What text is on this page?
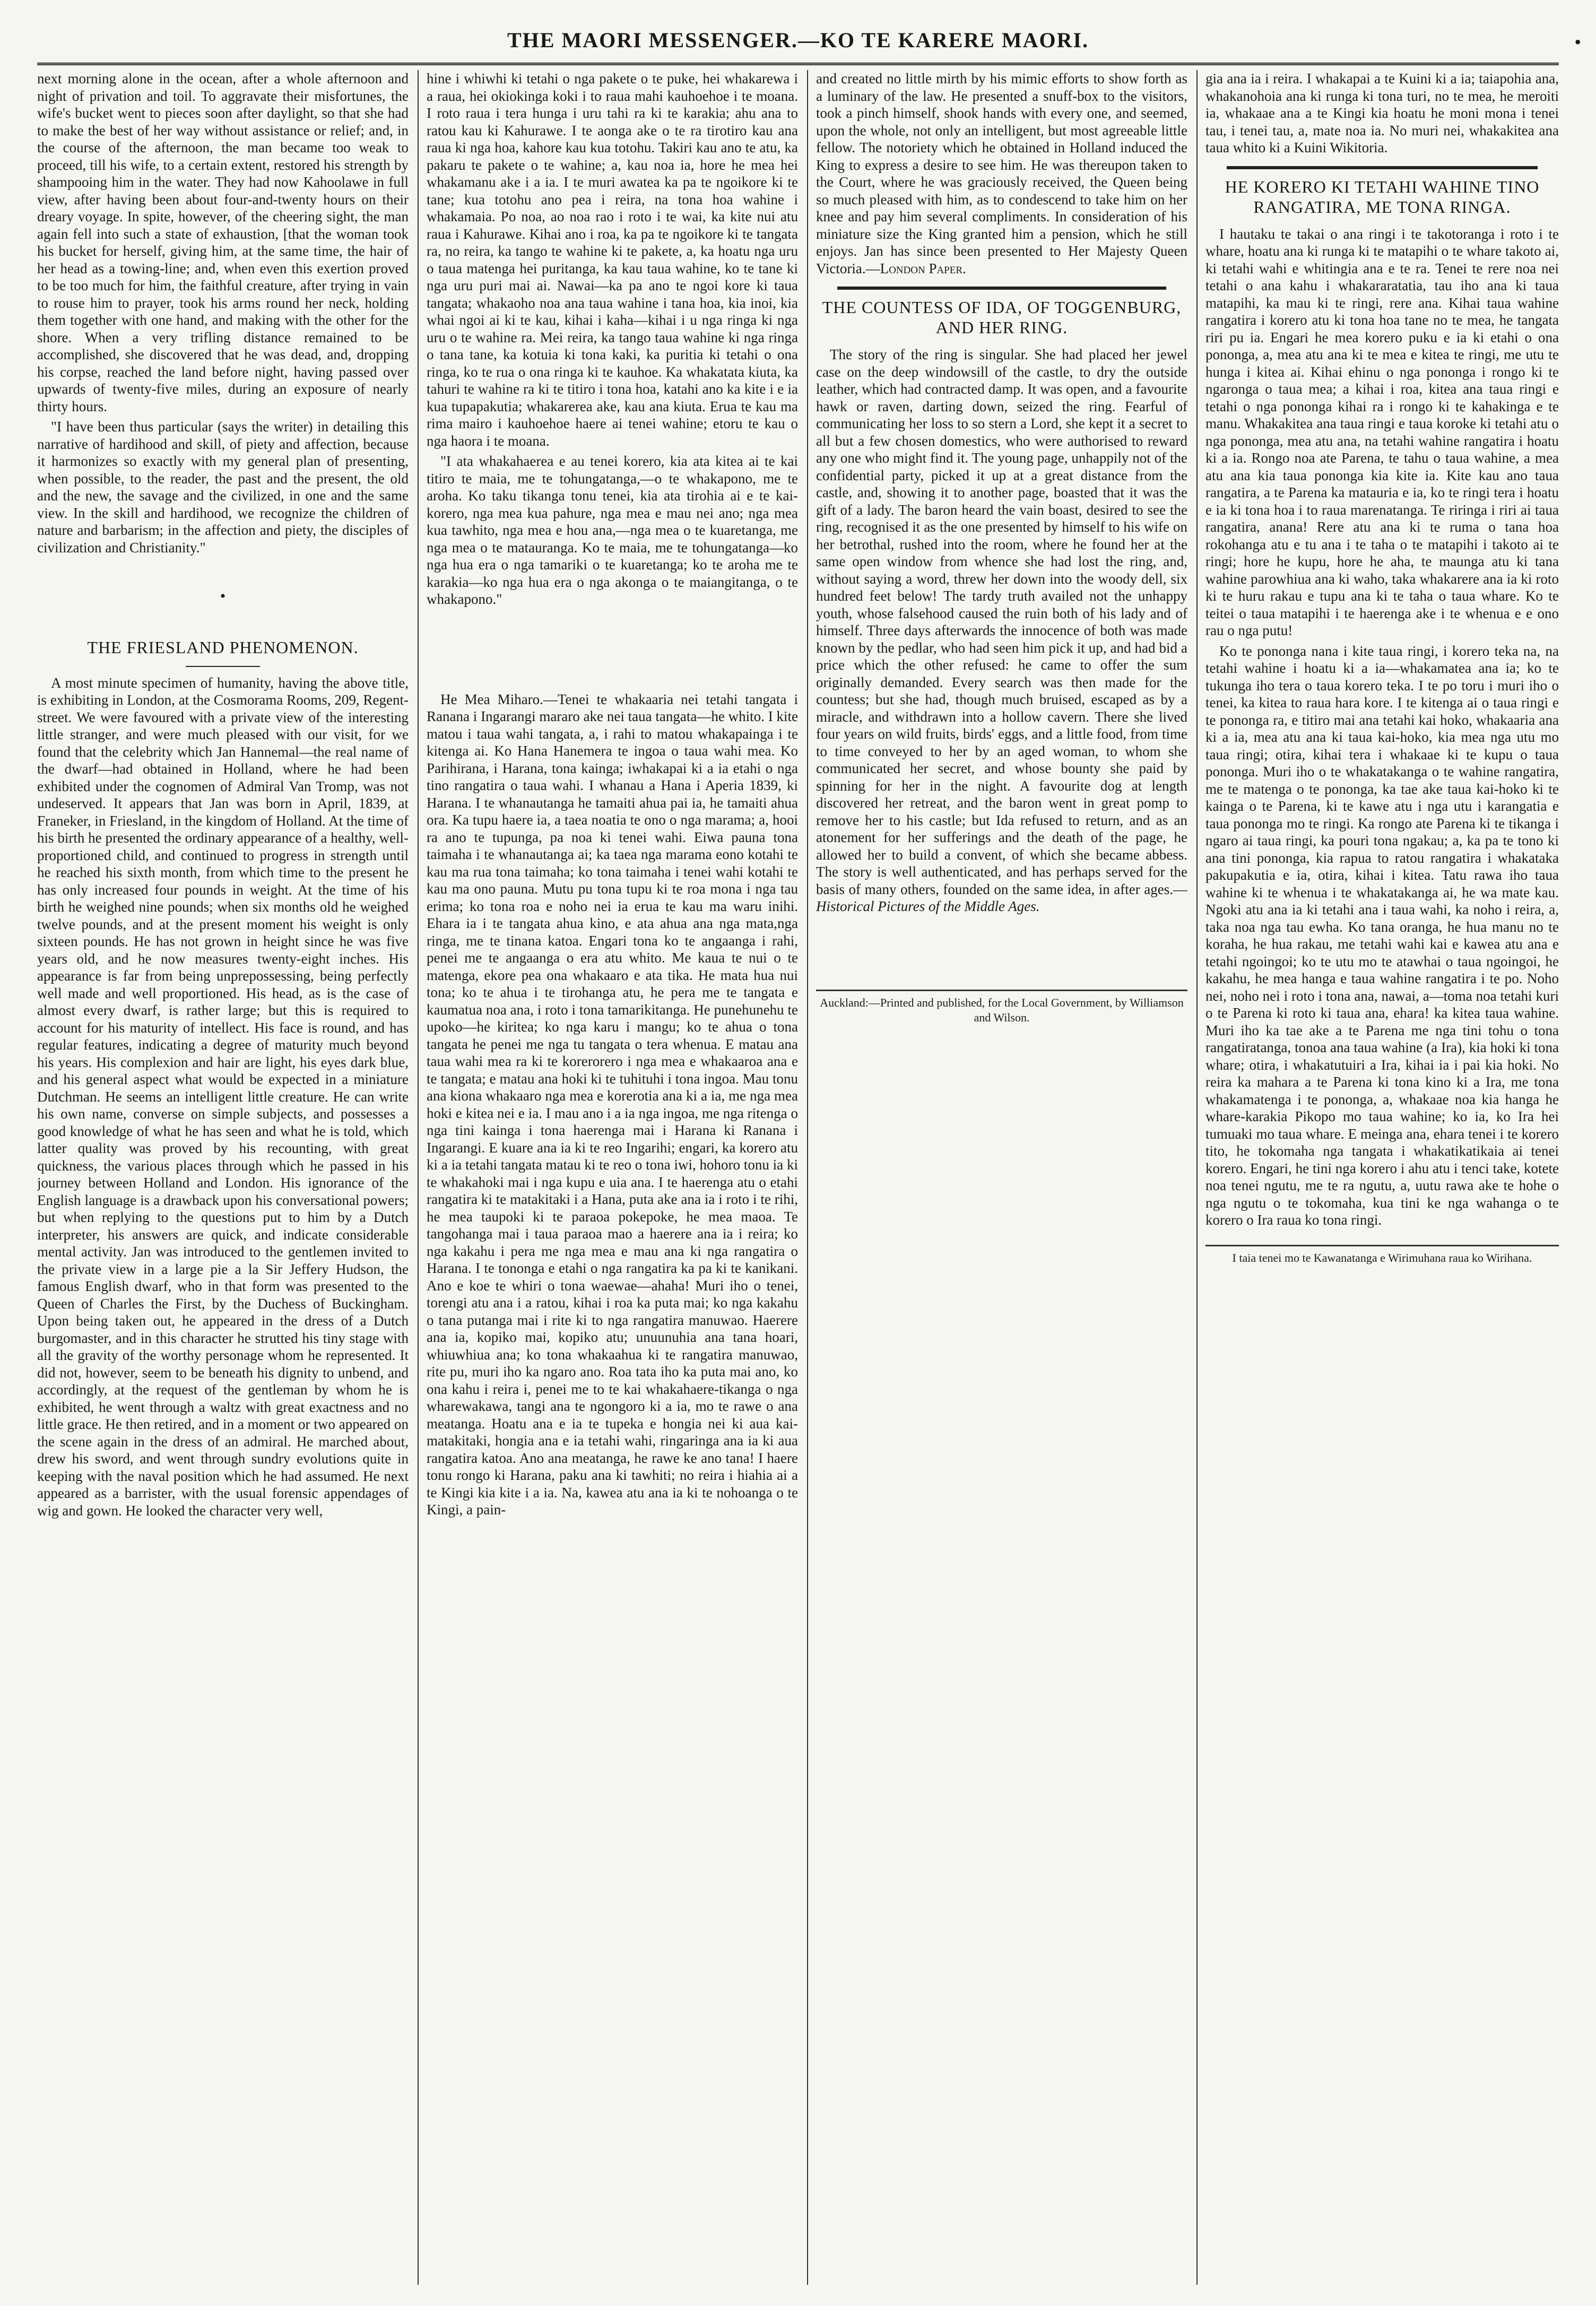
THE MAORI MESSENGER.—KO TE KARERE MAORI.	•

next morning alone in the ocean, after a whole afternoon and night of privation and toil. To aggravate their misfortunes, the wife's bucket went to pieces soon after daylight, so that she had to make the best of her way without assistance or relief; and, in the course of the afternoon, the man became too weak to proceed, till his wife, to a certain extent, restored his strength by shampooing him in the water. They had now Kahoolawe in full view, after having been about four-and-twenty hours on their dreary voyage. In spite, however, of the cheering sight, the man again fell into such a state of exhaustion, [that the woman took his bucket for herself, giving him, at the same time, the hair of her head as a towing-line; and, when even this exertion proved to be too much for him, the faithful creature, after trying in vain to rouse him to prayer, took his arms round her neck, holding them together with one hand, and making with the other for the shore. When a very trifling distance remained to be accomplished, she discovered that he was dead, and, dropping his corpse, reached the land before night, having passed over upwards of twenty-five miles, during an exposure of nearly thirty hours.

"I have been thus particular (says the writer) in detailing this narrative of hardihood and skill, of piety and affection, because it harmonizes so exactly with my general plan of presenting, when possible, to the reader, the past and the present, the old and the new, the savage and the civilized, in one and the same view. In the skill and hardihood, we recognize the children of nature and barbarism; in the affection and piety, the disciples of civilization and Christianity."

•
THE FRIESLAND PHENOMENON.

A most minute specimen of humanity, having the above title, is exhibiting in London, at the Cosmorama Rooms, 209, Regent-street. We were favoured with a private view of the interesting little stranger, and were much pleased with our visit, for we found that the celebrity which Jan Hannemal—the real name of the dwarf—had obtained in Holland, where he had been exhibited under the cognomen of Admiral Van Tromp, was not undeserved. It appears that Jan was born in April, 1839, at Franeker, in Friesland, in the kingdom of Holland. At the time of his birth he presented the ordinary appearance of a healthy, well-proportioned child, and continued to progress in strength until he reached his sixth month, from which time to the present he has only increased four pounds in weight. At the time of his birth he weighed nine pounds; when six months old he weighed twelve pounds, and at the present moment his weight is only sixteen pounds. He has not grown in height since he was five years old, and he now measures twenty-eight inches. His appearance is far from being unprepossessing, being perfectly well made and well proportioned. His head, as is the case of almost every dwarf, is rather large; but this is required to account for his maturity of intellect. His face is round, and has regular features, indicating a degree of maturity much beyond his years. His complexion and hair are light, his eyes dark blue, and his general aspect what would be expected in a miniature Dutchman. He seems an intelligent little creature. He can write his own name, converse on simple subjects, and possesses a good knowledge of what he has seen and what he is told, which latter quality was proved by his recounting, with great quickness, the various places through which he passed in his journey between Holland and London. His ignorance of the English language is a drawback upon his conversational powers; but when replying to the questions put to him by a Dutch interpreter, his answers are quick, and indicate considerable mental activity. Jan was introduced to the gentlemen invited to the private view in a large pie a la Sir Jeffery Hudson, the famous English dwarf, who in that form was presented to the Queen of Charles the First, by the Duchess of Buckingham. Upon being taken out, he appeared in the dress of a Dutch burgomaster, and in this character he strutted his tiny stage with all the gravity of the worthy personage whom he represented. It did not, however, seem to be beneath his dignity to unbend, and accordingly, at the request of the gentleman by whom he is exhibited, he went through a waltz with great exactness and no little grace. He then retired, and in a moment or two appeared on the scene again in the dress of an admiral. He marched about, drew his sword, and went through sundry evolutions quite in keeping with the naval position which he had assumed. He next appeared as a barrister, with the usual forensic appendages of wig and gown. He looked the character very well,

hine i whiwhi ki tetahi o nga pakete o te puke, hei whakarewa i a raua, hei okiokinga koki i to raua mahi kauhoehoe i te moana. I roto raua i tera hunga i uru tahi ra ki te karakia; ahu ana to ratou kau ki Kahurawe. I te aonga ake o te ra tirotiro kau ana raua ki nga hoa, kahore kau kua totohu. Takiri kau ano te atu, ka pakaru te pakete o te wahine; a, kau noa ia, hore he mea hei whakamanu ake i a ia. I te muri awatea ka pa te ngoikore ki te tane; kua totohu ano pea i reira, na tona hoa wahine i whakamaia. Po noa, ao noa rao i roto i te wai, ka kite nui atu raua i Kahurawe. Kihai ano i roa, ka pa te ngoikore ki te tangata ra, no reira, ka tango te wahine ki te pakete, a, ka hoatu nga uru o taua matenga hei puritanga, ka kau taua wahine, ko te tane ki nga uru puri mai ai. Nawai—ka pa ano te ngoi kore ki taua tangata; whakaoho noa ana taua wahine i tana hoa, kia inoi, kia whai ngoi ai ki te kau, kihai i kaha—kihai i u nga ringa ki nga uru o te wahine ra. Mei reira, ka tango taua wahine ki nga ringa o tana tane, ka kotuia ki tona kaki, ka puritia ki tetahi o ona ringa, ko te rua o ona ringa ki te kauhoe. Ka whakatata kiuta, ka tahuri te wahine ra ki te titiro i tona hoa, katahi ano ka kite i e ia kua tupapakutia; whakarerea ake, kau ana kiuta. Erua te kau ma rima mairo i kauhoehoe haere ai tenei wahine; etoru te kau o nga haora i te moana.

"I ata whakahaerea e au tenei korero, kia ata kitea ai te kai titiro te maia, me te tohungatanga,—o te whakapono, me te aroha. Ko taku tikanga tonu tenei, kia ata tirohia ai e te kai-korero, nga mea kua pahure, nga mea e mau nei ano; nga mea kua tawhito, nga mea e hou ana,—nga mea o te kuaretanga, me nga mea o te matauranga. Ko te maia, me te tohungatanga—ko nga hua era o nga tamariki o te kuaretanga; ko te aroha me te karakia—ko nga hua era o nga akonga o te maiangitanga, o te whakapono."

He Mea Miharo.—Tenei te whakaaria nei tetahi tangata i Ranana i Ingarangi mararo ake nei taua tangata—he whito. I kite matou i taua wahi tangata, a, i rahi to matou whakapainga i te kitenga ai. Ko Hana Hanemera te ingoa o taua wahi mea. Ko Parihirana, i Harana, tona kainga; iwhakapai ki a ia etahi o nga tino rangatira o taua wahi. I whanau a Hana i Aperia 1839, ki Harana. I te whanautanga he tamaiti ahua pai ia, he tamaiti ahua ora. Ka tupu haere ia, a taea noatia te ono o nga marama; a, hooi ra ano te tupunga, pa noa ki tenei wahi. Eiwa pauna tona taimaha i te whanautanga ai; ka taea nga marama eono kotahi te kau ma rua tona taimaha; ko tona taimaha i tenei wahi kotahi te kau ma ono pauna. Mutu pu tona tupu ki te roa mona i nga tau erima; ko tona roa e noho nei ia erua te kau ma waru inihi. Ehara ia i te tangata ahua kino, e ata ahua ana nga mata,nga ringa, me te tinana katoa. Engari tona ko te angaanga i rahi, penei me te angaanga o era atu whito. Me kaua te nui o te matenga, ekore pea ona whakaaro e ata tika. He mata hua nui tona; ko te ahua i te tirohanga atu, he pera me te tangata e kaumatua noa ana, i roto i tona tamarikitanga. He punehunehu te upoko—he kiritea; ko nga karu i mangu; ko te ahua o tona tangata he penei me nga tu tangata o tera whenua. E matau ana taua wahi mea ra ki te korerorero i nga mea e whakaaroa ana e te tangata; e matau ana hoki ki te tuhituhi i tona ingoa. Mau tonu ana kiona whakaaro nga mea e korerotia ana ki a ia, me nga mea hoki e kitea nei e ia. I mau ano i a ia nga ingoa, me nga ritenga o nga tini kainga i tona haerenga mai i Harana ki Ranana i Ingarangi. E kuare ana ia ki te reo Ingarihi; engari, ka korero atu ki a ia tetahi tangata matau ki te reo o tona iwi, hohoro tonu ia ki te whakahoki mai i nga kupu e uia ana. I te haerenga atu o etahi rangatira ki te matakitaki i a Hana, puta ake ana ia i roto i te rihi, he mea taupoki ki te paraoa pokepoke, he mea maoa. Te tangohanga mai i taua paraoa mao a haerere ana ia i reira; ko nga kakahu i pera me nga mea e mau ana ki nga rangatira o Harana. I te tononga e etahi o nga rangatira ka pa ki te kanikani. Ano e koe te whiri o tona waewae—ahaha! Muri iho o tenei, torengi atu ana i a ratou, kihai i roa ka puta mai; ko nga kakahu o tana putanga mai i rite ki to nga rangatira manuwao. Haerere ana ia, kopiko mai, kopiko atu; unuunuhia ana tana hoari, whiuwhiua ana; ko tona whakaahua ki te rangatira manuwao, rite pu, muri iho ka ngaro ano. Roa tata iho ka puta mai ano, ko ona kahu i reira i, penei me to te kai whakahaere-tikanga o nga wharewakawa, tangi ana te ngongoro ki a ia, mo te rawe o ana meatanga. Hoatu ana e ia te tupeka e hongia nei ki aua kai-matakitaki, hongia ana e ia tetahi wahi, ringaringa ana ia ki aua rangatira katoa. Ano ana meatanga, he rawe ke ano tana! I haere tonu rongo ki Harana, paku ana ki tawhiti; no reira i hiahia ai a te Kingi kia kite i a ia. Na, kawea atu ana ia ki te nohoanga o te Kingi, a pain-

and created no little mirth by his mimic efforts to show forth as a luminary of the law. He presented a snuff-box to the visitors, took a pinch himself, shook hands with every one, and seemed, upon the whole, not only an intelligent, but most agreeable little fellow. The notoriety which he obtained in Holland induced the King to express a desire to see him. He was thereupon taken to the Court, where he was graciously received, the Queen being so much pleased with him, as to condescend to take him on her knee and pay him several compliments. In consideration of his miniature size the King granted him a pension, which he still enjoys. Jan has since been presented to Her Majesty Queen Victoria.—London Paper.

THE COUNTESS OF IDA, OF TOGGENBURG, AND HER RING.

The story of the ring is singular. She had placed her jewel case on the deep windowsill of the castle, to dry the outside leather, which had contracted damp. It was open, and a favourite hawk or raven, darting down, seized the ring. Fearful of communicating her loss to so stern a Lord, she kept it a secret to all but a few chosen domestics, who were authorised to reward any one who might find it. The young page, unhappily not of the confidential party, picked it up at a great distance from the castle, and, showing it to another page, boasted that it was the gift of a lady. The baron heard the vain boast, desired to see the ring, recognised it as the one presented by himself to his wife on her betrothal, rushed into the room, where he found her at the same open window from whence she had lost the ring, and, without saying a word, threw her down into the woody dell, six hundred feet below! The tardy truth availed not the unhappy youth, whose falsehood caused the ruin both of his lady and of himself. Three days afterwards the innocence of both was made known by the pedlar, who had seen him pick it up, and had bid a price which the other refused: he came to offer the sum originally demanded. Every search was then made for the countess; but she had, though much bruised, escaped as by a miracle, and withdrawn into a hollow cavern. There she lived four years on wild fruits, birds' eggs, and a little food, from time to time conveyed to her by an aged woman, to whom she communicated her secret, and whose bounty she paid by spinning for her in the night. A favourite dog at length discovered her retreat, and the baron went in great pomp to remove her to his castle; but Ida refused to return, and as an atonement for her sufferings and the death of the page, he allowed her to build a convent, of which she became abbess. The story is well authenticated, and has perhaps served for the basis of many others, founded on the same idea, in after ages.—Historical Pictures of the Middle Ages.

Auckland:—Printed and published, for the Local Government, by Williamson and Wilson.

gia ana ia i reira. I whakapai a te Kuini ki a ia; taiapohia ana, whakanohoia ana ki runga ki tona turi, no te mea, he meroiti ia, whakaae ana a te Kingi kia hoatu he moni mona i tenei tau, i tenei tau, a, mate noa ia. No muri nei, whakakitea ana taua whito ki a Kuini Wikitoria.

HE KORERO KI TETAHI WAHINE TINO RANGATIRA, ME TONA RINGA.

I hautaku te takai o ana ringi i te takotoranga i roto i te whare, hoatu ana ki runga ki te matapihi o te whare takoto ai, ki tetahi wahi e whitingia ana e te ra. Tenei te rere noa nei tetahi o ana kahu i whakararatatia, tau iho ana ki taua matapihi, ka mau ki te ringi, rere ana. Kihai taua wahine rangatira i korero atu ki tona hoa tane no te mea, he tangata riri pu ia. Engari he mea korero puku e ia ki etahi o ona pononga, a, mea atu ana ki te mea e kitea te ringi, me utu te hunga i kitea ai. Kihai ehinu o nga pononga i rongo ki te ngaronga o taua mea; a kihai i roa, kitea ana taua ringi e tetahi o nga pononga kihai ra i rongo ki te kahakinga e te manu. Whakakitea ana taua ringi e taua koroke ki tetahi atu o nga pononga, mea atu ana, na tetahi wahine rangatira i hoatu ki a ia. Rongo noa ate Parena, te tahu o taua wahine, a mea atu ana kia taua pononga kia kite ia. Kite kau ano taua rangatira, a te Parena ka matauria e ia, ko te ringi tera i hoatu e ia ki tona hoa i to raua marenatanga. Te riringa i riri ai taua rangatira, anana! Rere atu ana ki te ruma o tana hoa rokohanga atu e tu ana i te taha o te matapihi i takoto ai te ringi; hore he kupu, hore he aha, te maunga atu ki tana wahine parowhiua ana ki waho, taka whakarere ana ia ki roto ki te huru rakau e tupu ana ki te taha o taua whare. Ko te teitei o taua matapihi i te haerenga ake i te whenua e e ono rau o nga putu!

Ko te pononga nana i kite taua ringi, i korero teka na, na tetahi wahine i hoatu ki a ia—whakamatea ana ia; ko te tukunga iho tera o taua korero teka. I te po toru i muri iho o tenei, ka kitea to raua hara kore. I te kitenga ai o taua ringi e te pononga ra, e titiro mai ana tetahi kai hoko, whakaaria ana ki a ia, mea atu ana ki taua kai-hoko, kia mea nga utu mo taua ringi; otira, kihai tera i whakaae ki te kupu o taua pononga. Muri iho o te whakatakanga o te wahine rangatira, me te matenga o te pononga, ka tae ake taua kai-hoko ki te kainga o te Parena, ki te kawe atu i nga utu i karangatia e taua pononga mo te ringi. Ka rongo ate Parena ki te tikanga i ngaro ai taua ringi, ka pouri tona ngakau; a, ka pa te tono ki ana tini pononga, kia rapua to ratou rangatira i whakataka pakupakutia e ia, otira, kihai i kitea. Tatu rawa iho taua wahine ki te whenua i te whakatakanga ai, he wa mate kau. Ngoki atu ana ia ki tetahi ana i taua wahi, ka noho i reira, a, taka noa nga tau ewha. Ko tana oranga, he hua manu no te koraha, he hua rakau, me tetahi wahi kai e kawea atu ana e tetahi ngoingoi; ko te utu mo te atawhai o taua ngoingoi, he kakahu, he mea hanga e taua wahine rangatira i te po. Noho nei, noho nei i roto i tona ana, nawai, a—toma noa tetahi kuri o te Parena ki roto ki taua ana, ehara! ka kitea taua wahine. Muri iho ka tae ake a te Parena me nga tini tohu o tona rangatiratanga, tonoa ana taua wahine (a Ira), kia hoki ki tona whare; otira, i whakatutuiri a Ira, kihai ia i pai kia hoki. No reira ka mahara a te Parena ki tona kino ki a Ira, me tona whakamatenga i te pononga, a, whakaae noa kia hanga he whare-karakia Pikopo mo taua wahine; ko ia, ko Ira hei tumuaki mo taua whare. E meinga ana, ehara tenei i te korero tito, he tokomaha nga tangata i whakatikatikaia ai tenei korero. Engari, he tini nga korero i ahu atu i tenci take, kotete noa tenei ngutu, me te ra ngutu, a, uutu rawa ake te hohe o nga ngutu o te tokomaha, kua tini ke nga wahanga o te korero o Ira raua ko tona ringi.

I taia tenei mo te Kawanatanga e Wirimuhana raua ko Wirihana.
